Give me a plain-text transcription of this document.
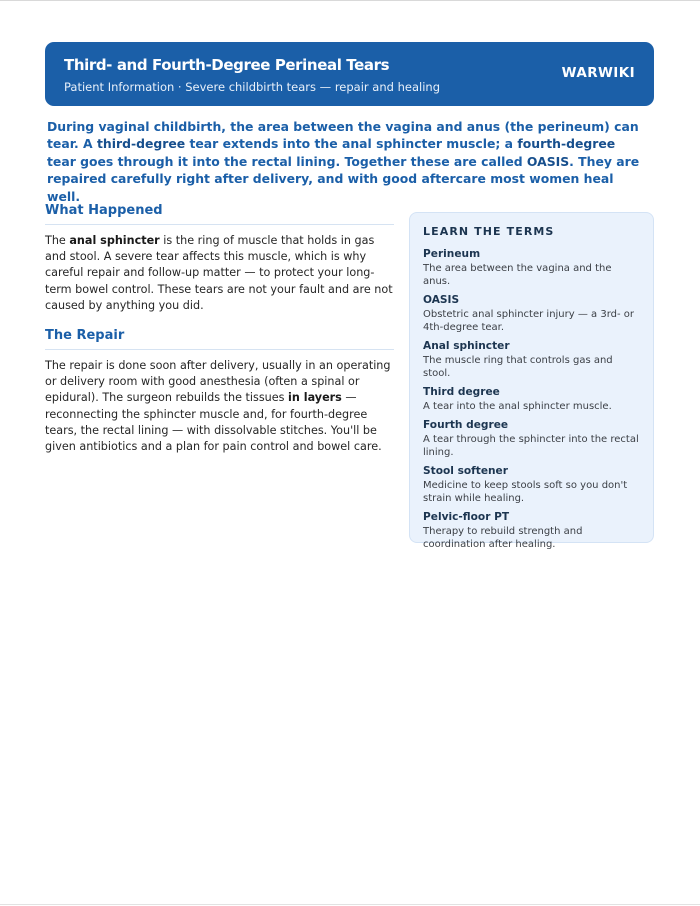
Third- and Fourth-Degree Perineal Tears
Patient Information · Severe childbirth tears — repair and healing
WARWIKI

During vaginal childbirth, the area between the vagina and anus (the perineum) can tear. A third-degree tear extends into the anal sphincter muscle; a fourth-degree tear goes through it into the rectal lining. Together these are called OASIS. They are repaired carefully right after delivery, and with good aftercare most women heal well.

What Happened

The anal sphincter is the ring of muscle that holds in gas and stool. A severe tear affects this muscle, which is why careful repair and follow-up matter — to protect your long-term bowel control. These tears are not your fault and are not caused by anything you did.

The Repair

The repair is done soon after delivery, usually in an operating or delivery room with good anesthesia (often a spinal or epidural). The surgeon rebuilds the tissues in layers — reconnecting the sphincter muscle and, for fourth-degree tears, the rectal lining — with dissolvable stitches. You'll be given antibiotics and a plan for pain control and bowel care.

LEARN THE TERMS
Perineum
The area between the vagina and the anus.
OASIS
Obstetric anal sphincter injury — a 3rd- or 4th-degree tear.
Anal sphincter
The muscle ring that controls gas and stool.
Third degree
A tear into the anal sphincter muscle.
Fourth degree
A tear through the sphincter into the rectal lining.
Stool softener
Medicine to keep stools soft so you don't strain while healing.
Pelvic-floor PT
Therapy to rebuild strength and coordination after healing.
